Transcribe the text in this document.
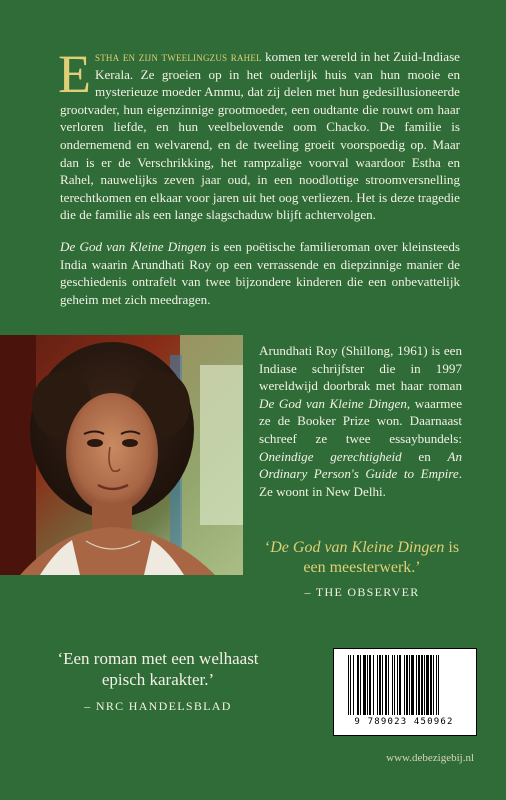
Estha en zijn tweelingzus rahel komen ter wereld in het Zuid-Indiase Kerala. Ze groeien op in het ouderlijk huis van hun mooie en mysterieuze moeder Ammu, dat zij delen met hun gedesillusioneerde grootvader, hun eigenzinnige grootmoeder, een oudtante die rouwt om haar verloren liefde, en hun veelbelovende oom Chacko. De familie is ondernemend en welvarend, en de tweeling groeit voorspoedig op. Maar dan is er de Verschrikking, het rampzalige voorval waardoor Estha en Rahel, nauwelijks zeven jaar oud, in een noodlottige stroomversnelling terechtkomen en elkaar voor jaren uit het oog verliezen. Het is deze tragedie die de familie als een lange slagschaduw blijft achtervolgen.

De God van Kleine Dingen is een poëtische familieroman over kleinsteeds India waarin Arundhati Roy op een verrassende en diepzinnige manier de geschiedenis ontrafelt van twee bijzondere kinderen die een onbevattelijk geheim met zich meedragen.

Arundhati Roy (Shillong, 1961) is een Indiase schrijfster die in 1997 wereldwijd doorbrak met haar roman De God van Kleine Dingen, waarmee ze de Booker Prize won. Daarnaast schreef ze twee essaybundels: Oneindige gerechtigheid en An Ordinary Person's Guide to Empire. Ze woont in New Delhi.

‘De God van Kleine Dingen is een meesterwerk.’
– THE OBSERVER
‘Een roman met een welhaast episch karakter.’
– NRC HANDELSBLAD
9 789023 450962
www.debezigebij.nl
